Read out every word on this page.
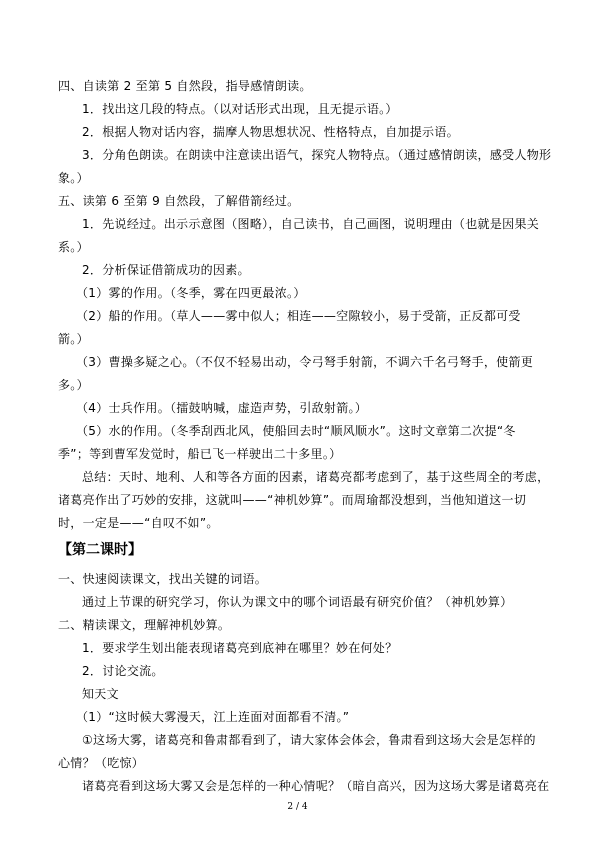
四、自读第 2 至第 5 自然段，指导感情朗读。
1．找出这几段的特点。（以对话形式出现，且无提示语。）
2．根据人物对话内容，揣摩人物思想状况、性格特点，自加提示语。
3．分角色朗读。在朗读中注意读出语气，探究人物特点。（通过感情朗读，感受人物形
象。）
五、读第 6 至第 9 自然段，了解借箭经过。
1．先说经过。出示示意图（图略），自己读书，自己画图，说明理由（也就是因果关
系。）
2．分析保证借箭成功的因素。
（1）雾的作用。（冬季，雾在四更最浓。）
（2）船的作用。（草人——雾中似人；相连——空隙较小，易于受箭，正反都可受
箭。）
（3）曹操多疑之心。（不仅不轻易出动，令弓弩手射箭，不调六千名弓弩手，使箭更
多。）
（4）士兵作用。（擂鼓呐喊，虚造声势，引敌射箭。）
（5）水的作用。（冬季刮西北风，使船回去时“顺风顺水”。这时文章第二次提“冬
季”；等到曹军发觉时，船已飞一样驶出二十多里。）
总结：天时、地利、人和等各方面的因素，诸葛亮都考虑到了，基于这些周全的考虑，
诸葛亮作出了巧妙的安排，这就叫——“神机妙算”。而周瑜都没想到，当他知道这一切
时，一定是——“自叹不如”。
【第二课时】
一、快速阅读课文，找出关键的词语。
通过上节课的研究学习，你认为课文中的哪个词语最有研究价值？（神机妙算）
二、精读课文，理解神机妙算。
1．要求学生划出能表现诸葛亮到底神在哪里？妙在何处？
2．讨论交流。
知天文
（1）“这时候大雾漫天，江上连面对面都看不清。”
①这场大雾，诸葛亮和鲁肃都看到了，请大家体会体会，鲁肃看到这场大会是怎样的
心情？（吃惊）
诸葛亮看到这场大雾又会是怎样的一种心情呢？（暗自高兴，因为这场大雾是诸葛亮在
2 / 4
